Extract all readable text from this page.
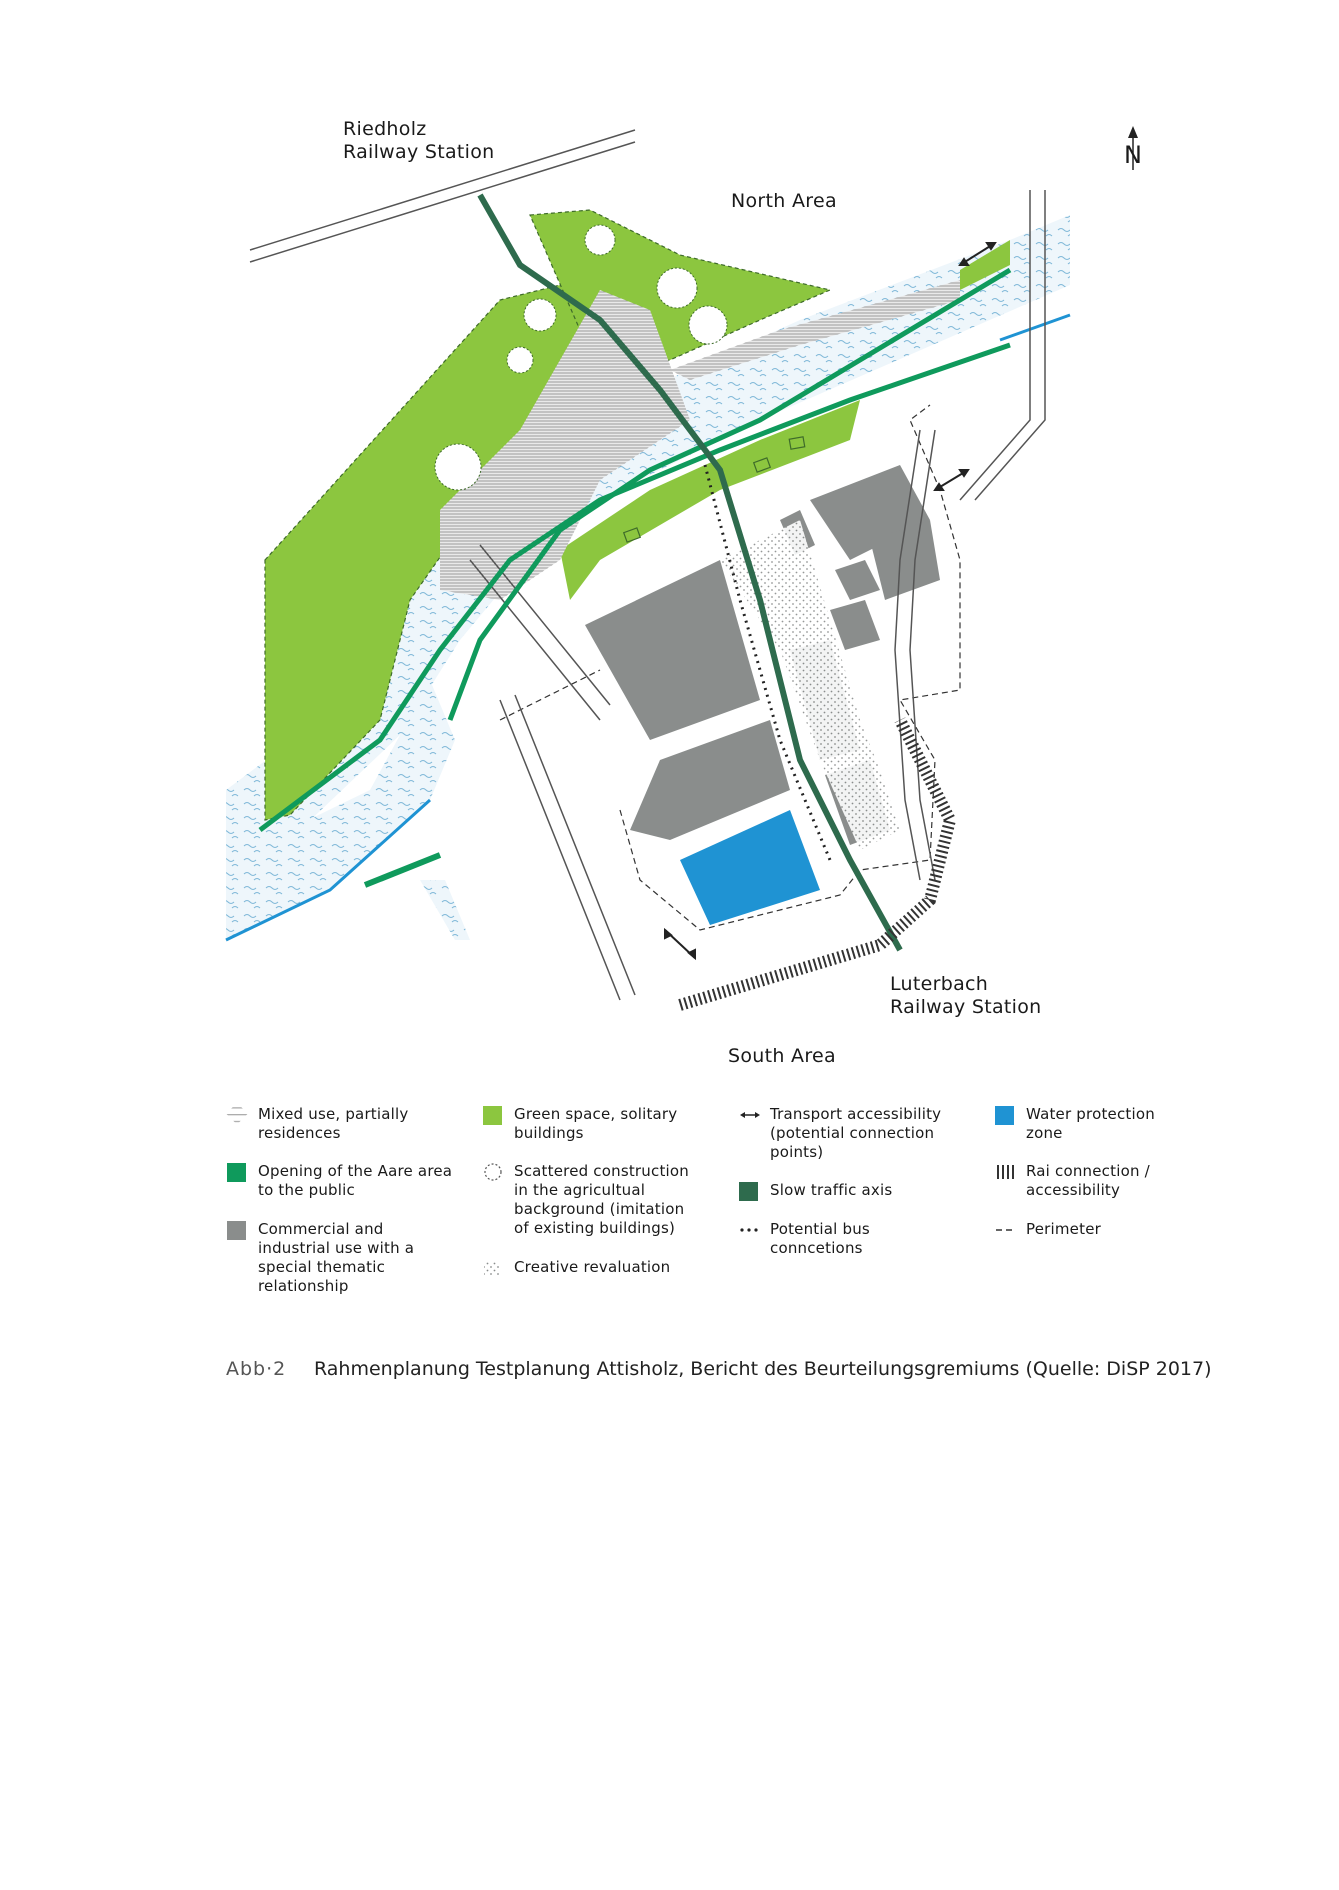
N
Riedholz
Railway Station
North Area
Luterbach
Railway Station
South Area
Mixed use, partially residences
Opening of the Aare area to the public
Commercial and industrial use with a special thematic relationship
Green space, solitary buildings
Scattered construction in the agricultual background (imitation of existing buildings)
Creative revaluation
Transport accessibility (potential connection points)
Slow traffic axis
Potential bus conncetions
Water protection zone
Rai connection / accessibility
Perimeter
Abb·2	Rahmenplanung Testplanung Attisholz, Bericht des Beurteilungsgremiums (Quelle: DiSP 2017)
